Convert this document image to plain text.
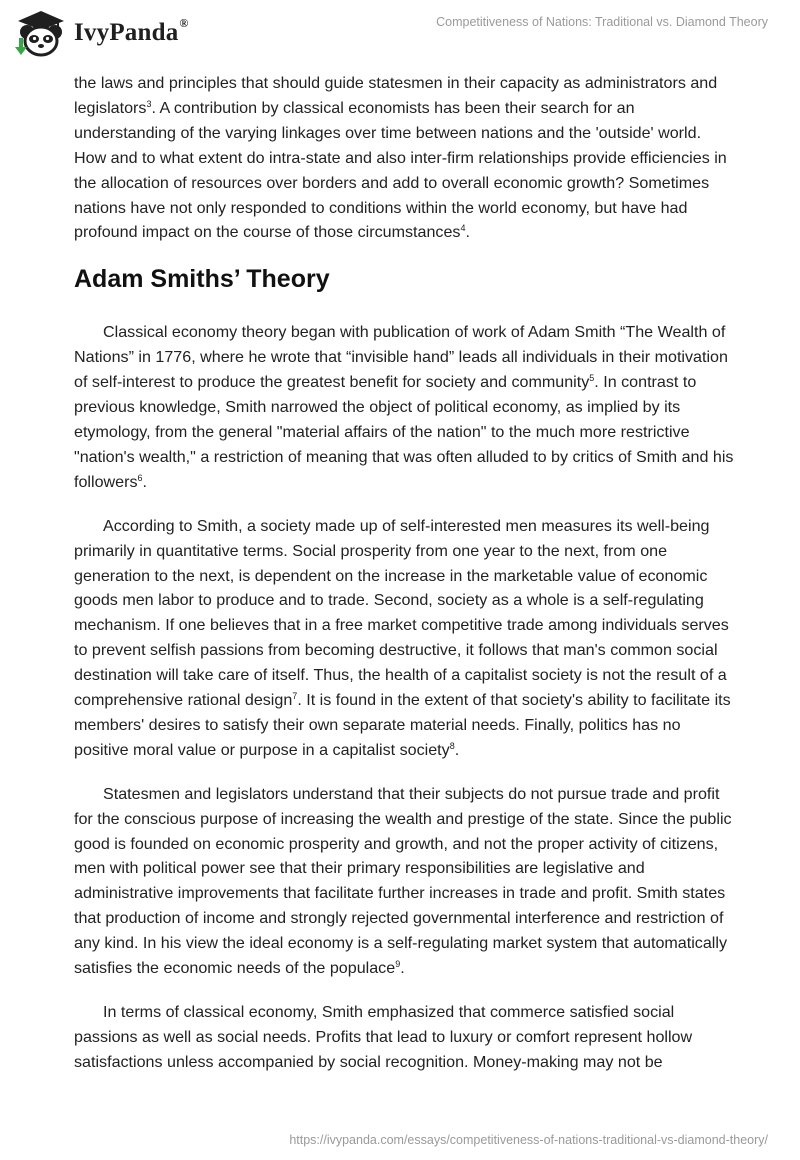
IvyPanda®	Competitiveness of Nations: Traditional vs. Diamond Theory

the laws and principles that should guide statesmen in their capacity as administrators and legislators$^3$. A contribution by classical economists has been their search for an understanding of the varying linkages over time between nations and the 'outside' world. How and to what extent do intra-state and also inter-firm relationships provide efficiencies in the allocation of resources over borders and add to overall economic growth? Sometimes nations have not only responded to conditions within the world economy, but have had profound impact on the course of those circumstances$^4$.

Adam Smiths’ Theory

Classical economy theory began with publication of work of Adam Smith “The Wealth of Nations” in 1776, where he wrote that “invisible hand” leads all individuals in their motivation of self-interest to produce the greatest benefit for society and community$^5$. In contrast to previous knowledge, Smith narrowed the object of political economy, as implied by its etymology, from the general "material affairs of the nation" to the much more restrictive "nation's wealth," a restriction of meaning that was often alluded to by critics of Smith and his followers$^6$.

According to Smith, a society made up of self-interested men measures its well-being primarily in quantitative terms. Social prosperity from one year to the next, from one generation to the next, is dependent on the increase in the marketable value of economic goods men labor to produce and to trade. Second, society as a whole is a self-regulating mechanism. If one believes that in a free market competitive trade among individuals serves to prevent selfish passions from becoming destructive, it follows that man's common social destination will take care of itself. Thus, the health of a capitalist society is not the result of a comprehensive rational design$^7$. It is found in the extent of that society's ability to facilitate its members' desires to satisfy their own separate material needs. Finally, politics has no positive moral value or purpose in a capitalist society$^8$.

Statesmen and legislators understand that their subjects do not pursue trade and profit for the conscious purpose of increasing the wealth and prestige of the state. Since the public good is founded on economic prosperity and growth, and not the proper activity of citizens, men with political power see that their primary responsibilities are legislative and administrative improvements that facilitate further increases in trade and profit. Smith states that production of income and strongly rejected governmental interference and restriction of any kind. In his view the ideal economy is a self-regulating market system that automatically satisfies the economic needs of the populace$^9$.

In terms of classical economy, Smith emphasized that commerce satisfied social passions as well as social needs. Profits that lead to luxury or comfort represent hollow satisfactions unless accompanied by social recognition. Money-making may not be

https://ivypanda.com/essays/competitiveness-of-nations-traditional-vs-diamond-theory/
